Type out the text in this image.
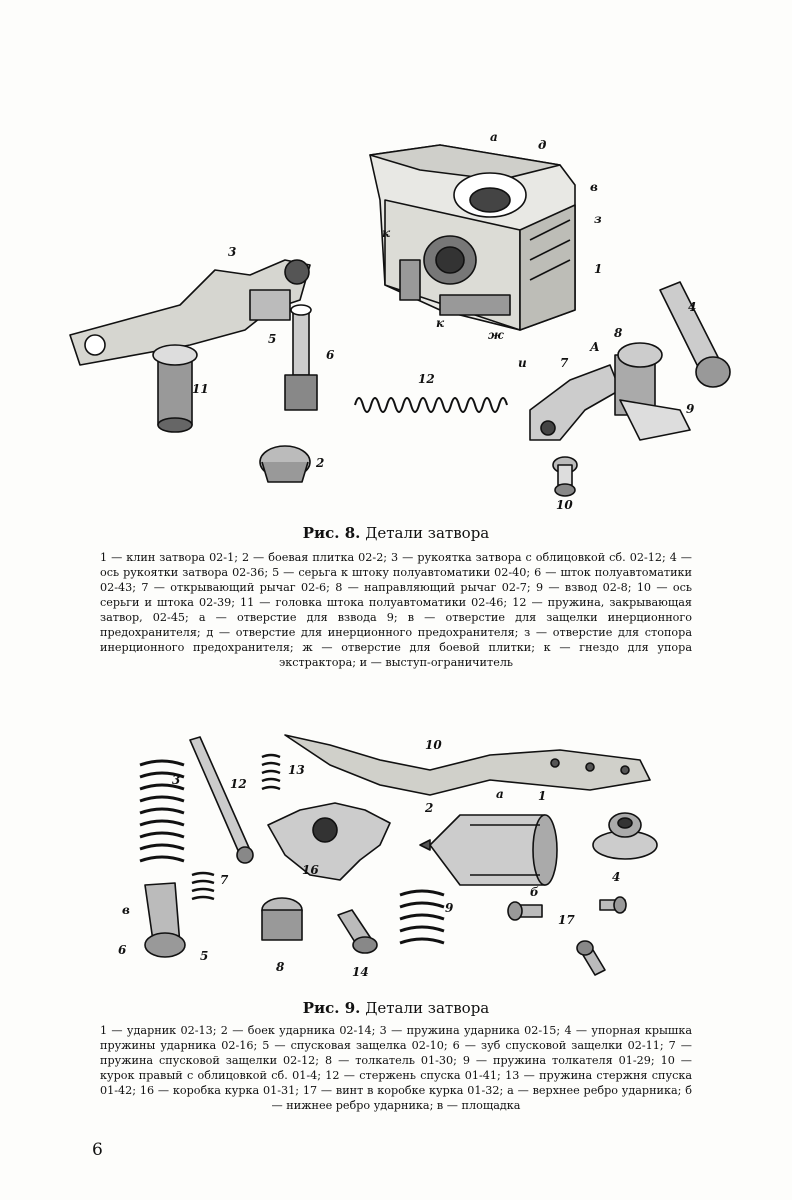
3
5
6
11
12
2
а
д
в
з
к
1
к
ж
и
4
А
8
7
9
10
Рис. 8. Детали затвора
1 — клин затвора 02-1; 2 — боевая плитка 02-2; 3 — рукоятка затвора с облицовкой сб. 02-12; 4 — ось рукоятки затвора 02-36; 5 — серьга к штоку полуавтоматики 02-40; 6 — шток полуавтоматики 02-43; 7 — открывающий рычаг 02-6; 8 — направляющий рычаг 02-7; 9 — взвод 02-8; 10 — ось серьги и штока 02-39; 11 — головка штока полуавтоматики 02-46; 12 — пружина, закрывающая затвор, 02-45; а — отверстие для взвода 9; в — отверстие для защелки инерционного предохранителя; д — отверстие для инерционного предохранителя; з — отверстие для стопора инерционного предохранителя; ж — отверстие для боевой плитки; к — гнездо для упора экстрактора; и — выступ-ограничитель
10
3	12
13
а	1
2
16
7	4
б
в	9
17
6	5
8	14
Рис. 9. Детали затвора
1 — ударник 02-13; 2 — боек ударника 02-14; 3 — пружина ударника 02-15; 4 — упорная крышка пружины ударника 02-16; 5 — спусковая защелка 02-10; 6 — зуб спусковой защелки 02-11; 7 — пружина спусковой защелки 02-12; 8 — толкатель 01-30; 9 — пружина толкателя 01-29; 10 — курок правый с облицовкой сб. 01-4; 12 — стержень спуска 01-41; 13 — пружина стержня спуска 01-42; 16 — коробка курка 01-31; 17 — винт в коробке курка 01-32; а — верхнее ребро ударника; б — нижнее ребро ударника; в — площадка
6
